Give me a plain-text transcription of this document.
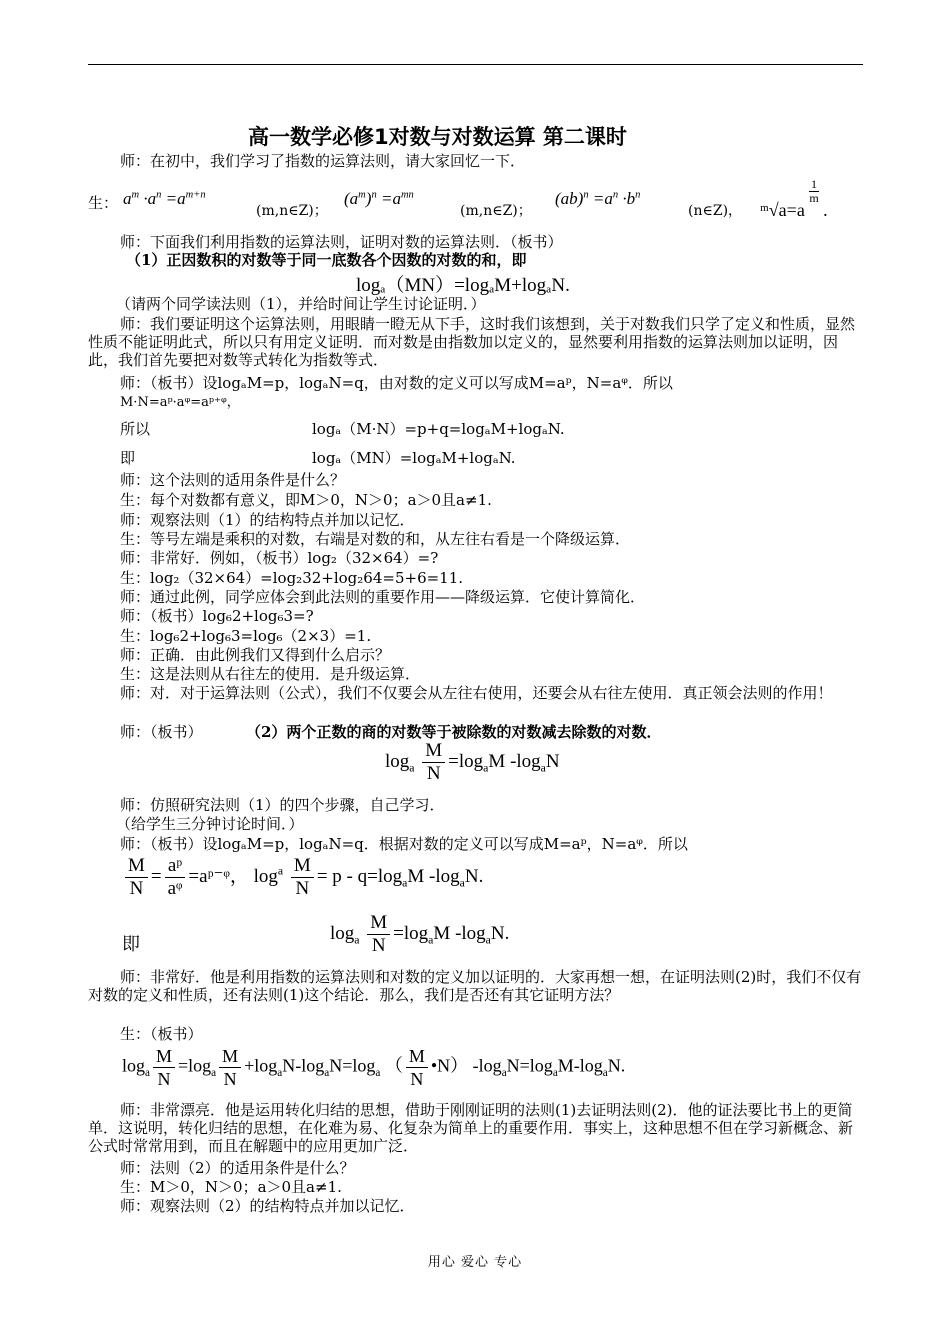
高一数学必修1对数与对数运算 第二课时
师：在初中，我们学习了指数的运算法则，请大家回忆一下．
生： $a^m \cdot a^n =a^{m+n}$
(m,n∈Z)；
$(a^m)^n =a^{mn}$
(m,n∈Z)；
$(ab)^n =a^n \cdot b^n$
(n∈Z)， ᵐ√a=a
$\frac{1}{m}$
.
师：下面我们利用指数的运算法则，证明对数的运算法则．（板书）
（1）正因数积的对数等于同一底数各个因数的对数的和，即
logₐ（MN）=logₐM+logₐN.
（请两个同学读法则（1），并给时间让学生讨论证明．）
师：我们要证明这个运算法则，用眼睛一瞪无从下手，这时我们该想到，关于对数我们只学了定义和性质，显然性质不能证明此式，所以只有用定义证明．而对数是由指数加以定义的，显然要利用指数的运算法则加以证明，因此，我们首先要把对数等式转化为指数等式．
师：（板书）设logₐM=p，logₐN=q，由对数的定义可以写成M=aᵖ，N=aᵠ．所以
M·N=aᵖ·aᵠ=aᵖ⁺ᵠ，
所以	logₐ（M·N）=p+q=logₐM+logₐN.
即	logₐ（MN）=logₐM+logₐN.
师：这个法则的适用条件是什么？
生：每个对数都有意义，即M＞0，N＞0；a＞0且a≠1.
师：观察法则（1）的结构特点并加以记忆．
生：等号左端是乘积的对数，右端是对数的和，从左往右看是一个降级运算．
师：非常好．例如，（板书）log₂（32×64）=?
生：log₂（32×64）=log₂32+log₂64=5+6=11.
师：通过此例，同学应体会到此法则的重要作用——降级运算．它使计算简化．
师：（板书）log₆2+log₆3=?
生：log₆2+log₆3=log₆（2×3）=1.
师：正确．由此例我们又得到什么启示？
生：这是法则从右往左的使用．是升级运算．
师：对．对于运算法则（公式），我们不仅要会从左往右使用，还要会从右往左使用．真正领会法则的作用！
师：（板书）	（2）两个正数的商的对数等于被除数的对数减去除数的对数．
$\log_a \frac{M}{N} =\log_aM$ $-\log_aN$
师：仿照研究法则（1）的四个步骤，自己学习．
（给学生三分钟讨论时间．）
师：（板书）设logₐM=p，logₐN=q．根据对数的定义可以写成M=aᵖ，N=aᵠ．所以
$\frac{M}{N} = \frac{\text{aᵖ}}{\text{aᵠ}}$ =aᵖ⁻ᵠ， $\log^a \frac{M}{N} = p - q=\log_aM$ $-\log_aN$.
即
$\log_a \frac{M}{N} =\log_aM$ $-\log_aN$.
师：非常好．他是利用指数的运算法则和对数的定义加以证明的．大家再想一想，在证明法则(2)时，我们不仅有对数的定义和性质，还有法则(1)这个结论．那么，我们是否还有其它证明方法？
生：（板书）
$\log_a \frac{M}{N} =\log_a \frac{M}{N} +\log_aN-\log_aN=\log_a$ （ $\frac{M}{N}$ •N） $-\log_aN=\log_aM-\log_aN$.
师：非常漂亮．他是运用转化归结的思想，借助于刚刚证明的法则(1)去证明法则(2)．他的证法要比书上的更简单．这说明，转化归结的思想，在化难为易、化复杂为简单上的重要作用．事实上，这种思想不但在学习新概念、新公式时常常用到，而且在解题中的应用更加广泛．
师：法则（2）的适用条件是什么？
生：M＞0，N＞0；a＞0且a≠1.
师：观察法则（2）的结构特点并加以记忆．
用心 爱心 专心
